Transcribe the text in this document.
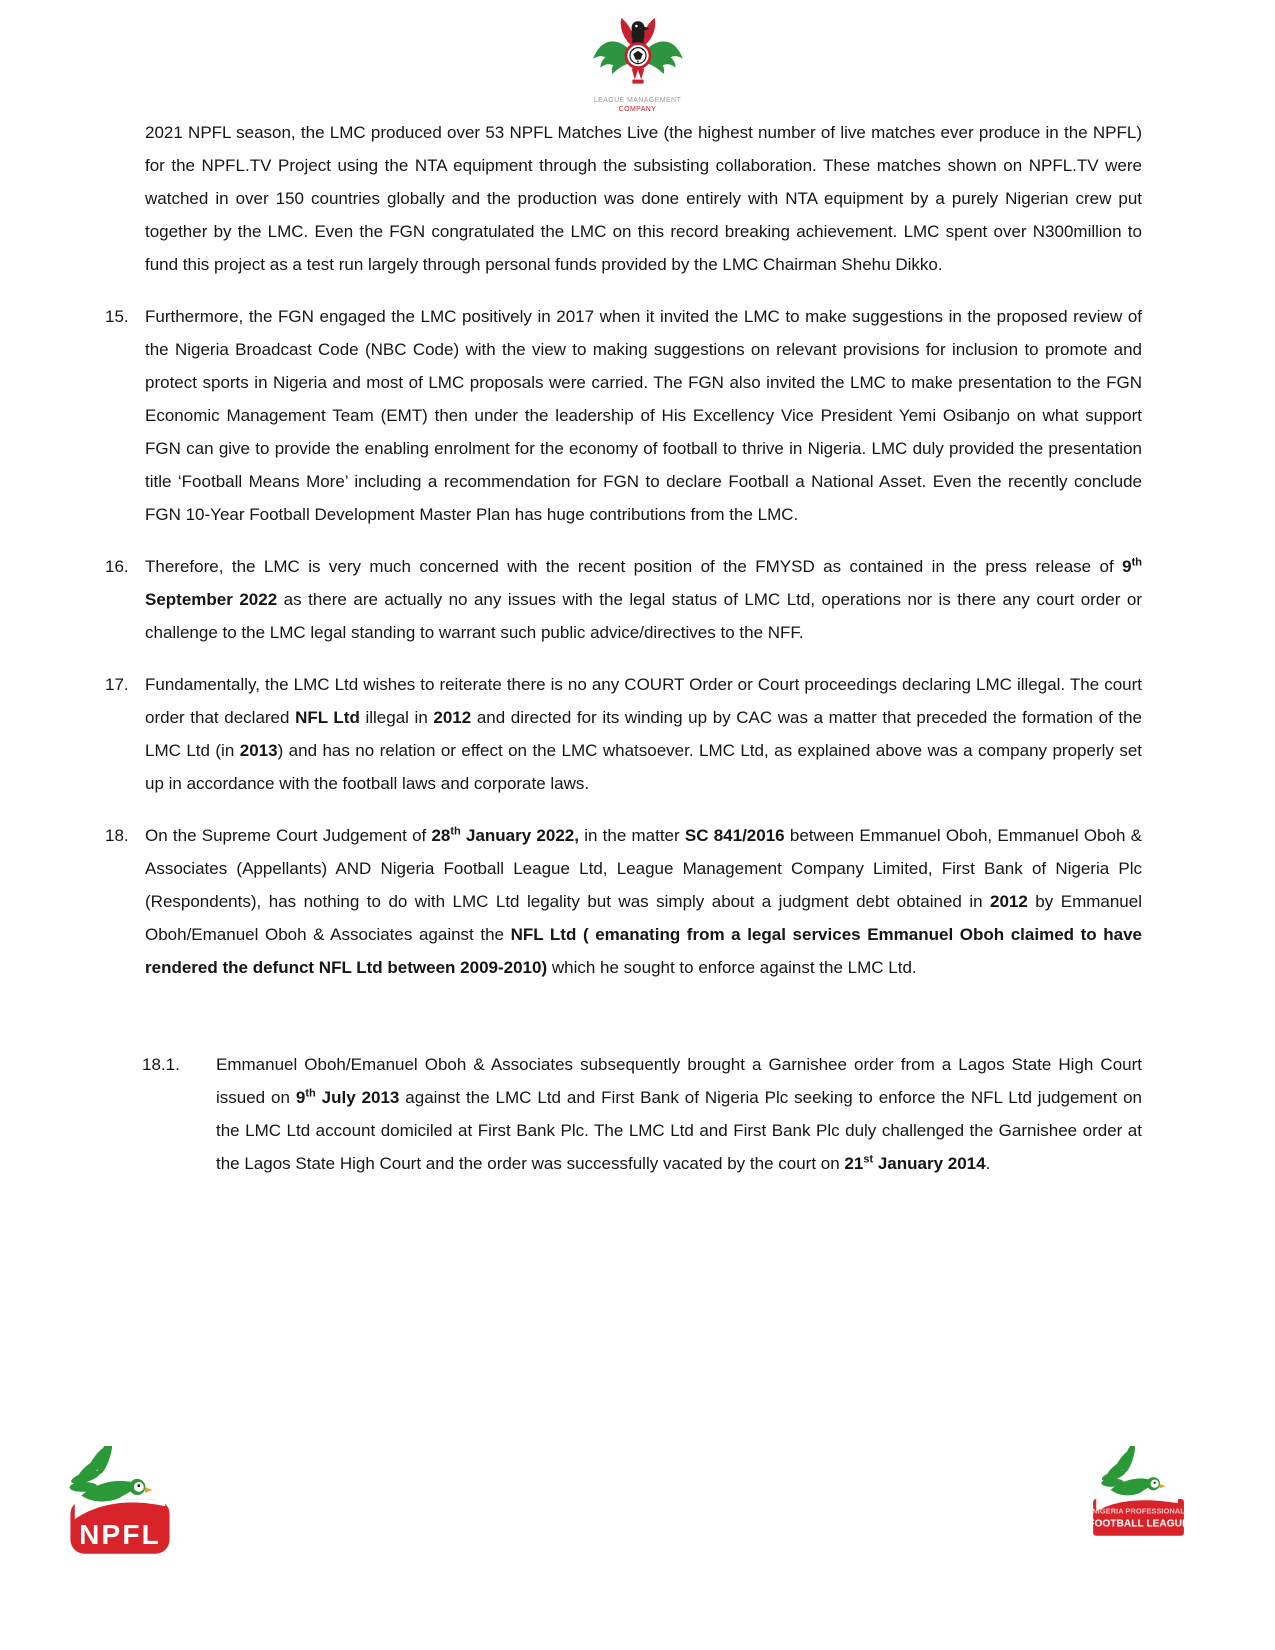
LEAGUE MANAGEMENT
COMPANY
2021 NPFL season, the LMC produced over 53 NPFL Matches Live (the highest number of live matches ever produce in the NPFL) for the NPFL.TV Project using the NTA equipment through the subsisting collaboration. These matches shown on NPFL.TV were watched in over 150 countries globally and the production was done entirely with NTA equipment by a purely Nigerian crew put together by the LMC. Even the FGN congratulated the LMC on this record breaking achievement. LMC spent over N300million to fund this project as a test run largely through personal funds provided by the LMC Chairman Shehu Dikko.
15. Furthermore, the FGN engaged the LMC positively in 2017 when it invited the LMC to make suggestions in the proposed review of the Nigeria Broadcast Code (NBC Code) with the view to making suggestions on relevant provisions for inclusion to promote and protect sports in Nigeria and most of LMC proposals were carried. The FGN also invited the LMC to make presentation to the FGN Economic Management Team (EMT) then under the leadership of His Excellency Vice President Yemi Osibanjo on what support FGN can give to provide the enabling enrolment for the economy of football to thrive in Nigeria. LMC duly provided the presentation title ‘Football Means More’ including a recommendation for FGN to declare Football a National Asset. Even the recently conclude FGN 10-Year Football Development Master Plan has huge contributions from the LMC.
16. Therefore, the LMC is very much concerned with the recent position of the FMYSD as contained in the press release of 9th September 2022 as there are actually no any issues with the legal status of LMC Ltd, operations nor is there any court order or challenge to the LMC legal standing to warrant such public advice/directives to the NFF.
17. Fundamentally, the LMC Ltd wishes to reiterate there is no any COURT Order or Court proceedings declaring LMC illegal. The court order that declared NFL Ltd illegal in 2012 and directed for its winding up by CAC was a matter that preceded the formation of the LMC Ltd (in 2013) and has no relation or effect on the LMC whatsoever. LMC Ltd, as explained above was a company properly set up in accordance with the football laws and corporate laws.
18. On the Supreme Court Judgement of 28th January 2022, in the matter SC 841/2016 between Emmanuel Oboh, Emmanuel Oboh & Associates (Appellants) AND Nigeria Football League Ltd, League Management Company Limited, First Bank of Nigeria Plc (Respondents), has nothing to do with LMC Ltd legality but was simply about a judgment debt obtained in 2012 by Emmanuel Oboh/Emanuel Oboh & Associates against the NFL Ltd ( emanating from a legal services Emmanuel Oboh claimed to have rendered the defunct NFL Ltd between 2009-2010) which he sought to enforce against the LMC Ltd.
18.1. Emmanuel Oboh/Emanuel Oboh & Associates subsequently brought a Garnishee order from a Lagos State High Court issued on 9th July 2013 against the LMC Ltd and First Bank of Nigeria Plc seeking to enforce the NFL Ltd judgement on the LMC Ltd account domiciled at First Bank Plc. The LMC Ltd and First Bank Plc duly challenged the Garnishee order at the Lagos State High Court and the order was successfully vacated by the court on 21st January 2014.
NPFL
NIGERIA PROFESSIONAL
FOOTBALL LEAGUE
